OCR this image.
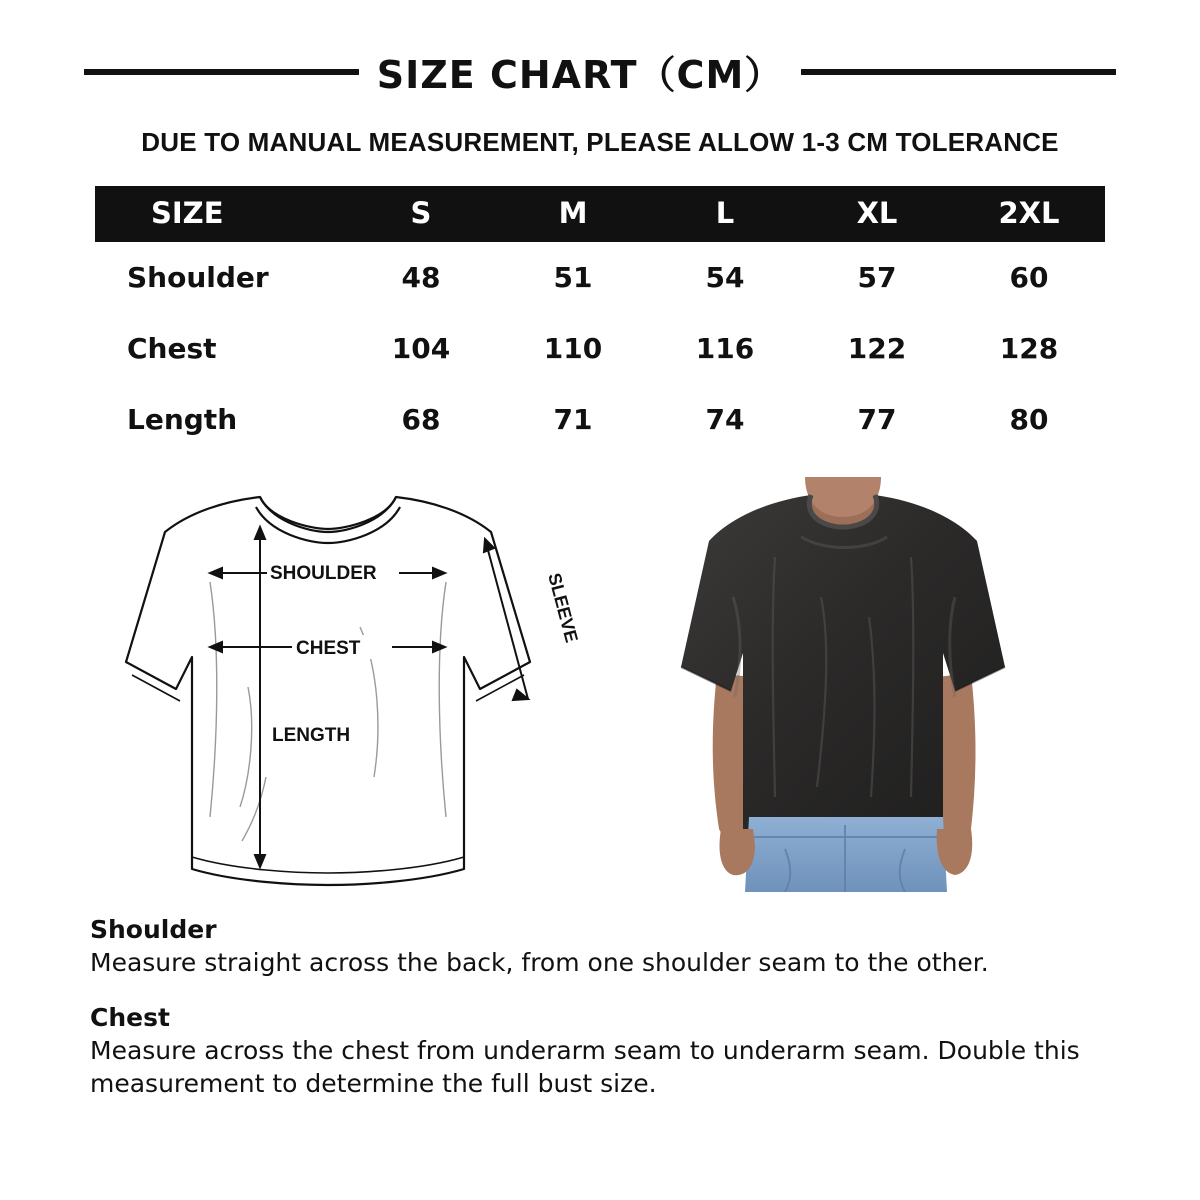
SIZE CHART（CM）
DUE TO MANUAL MEASUREMENT, PLEASE ALLOW 1-3 CM TOLERANCE
SIZE	S	M	L	XL	2XL
Shoulder	48	51	54	57	60
Chest	104	110	116	122	128
Length	68	71	74	77	80
SHOULDER
CHEST
LENGTH
SLEEVE
Shoulder
Measure straight across the back, from one shoulder seam to the other.
Chest
Measure across the chest from underarm seam to underarm seam. Double this measurement to determine the full bust size.
